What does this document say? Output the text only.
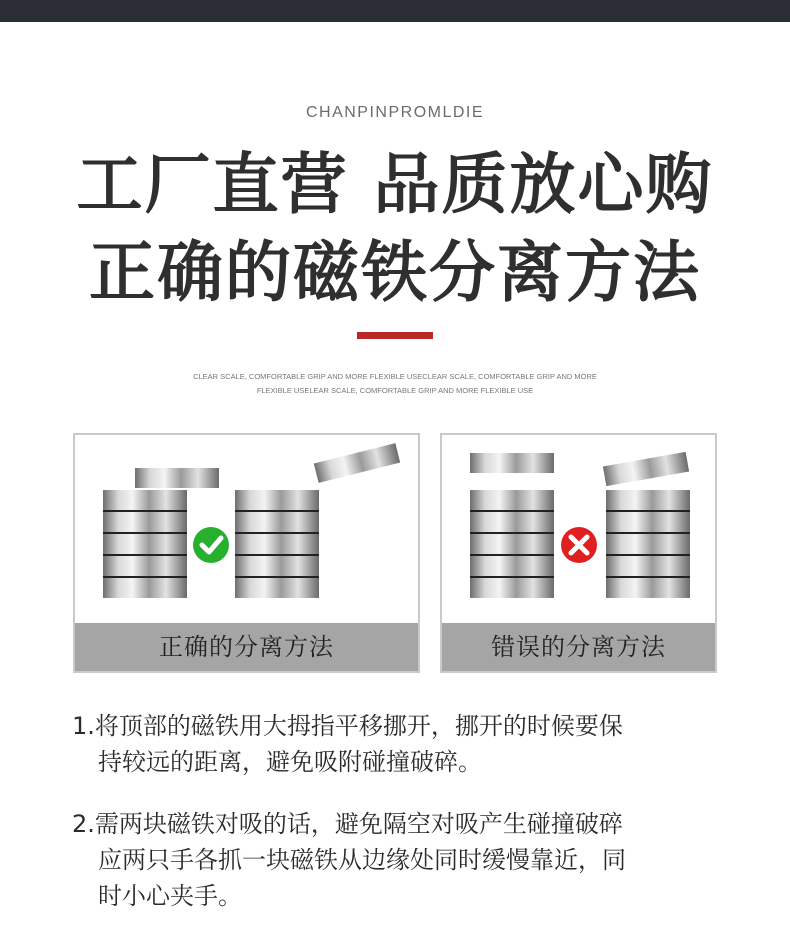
CHANPINPROMLDIE
工厂直营 品质放心购
正确的磁铁分离方法
CLEAR SCALE, COMFORTABLE GRIP AND MORE FLEXIBLE USECLEAR SCALE, COMFORTABLE GRIP AND MORE
FLEXIBLE USELEAR SCALE, COMFORTABLE GRIP AND MORE FLEXIBLE USE
正确的分离方法	错误的分离方法
1.将顶部的磁铁用大拇指平移挪开，挪开的时候要保
持较远的距离，避免吸附碰撞破碎。
2.需两块磁铁对吸的话，避免隔空对吸产生碰撞破碎
应两只手各抓一块磁铁从边缘处同时缓慢靠近，同
时小心夹手。
